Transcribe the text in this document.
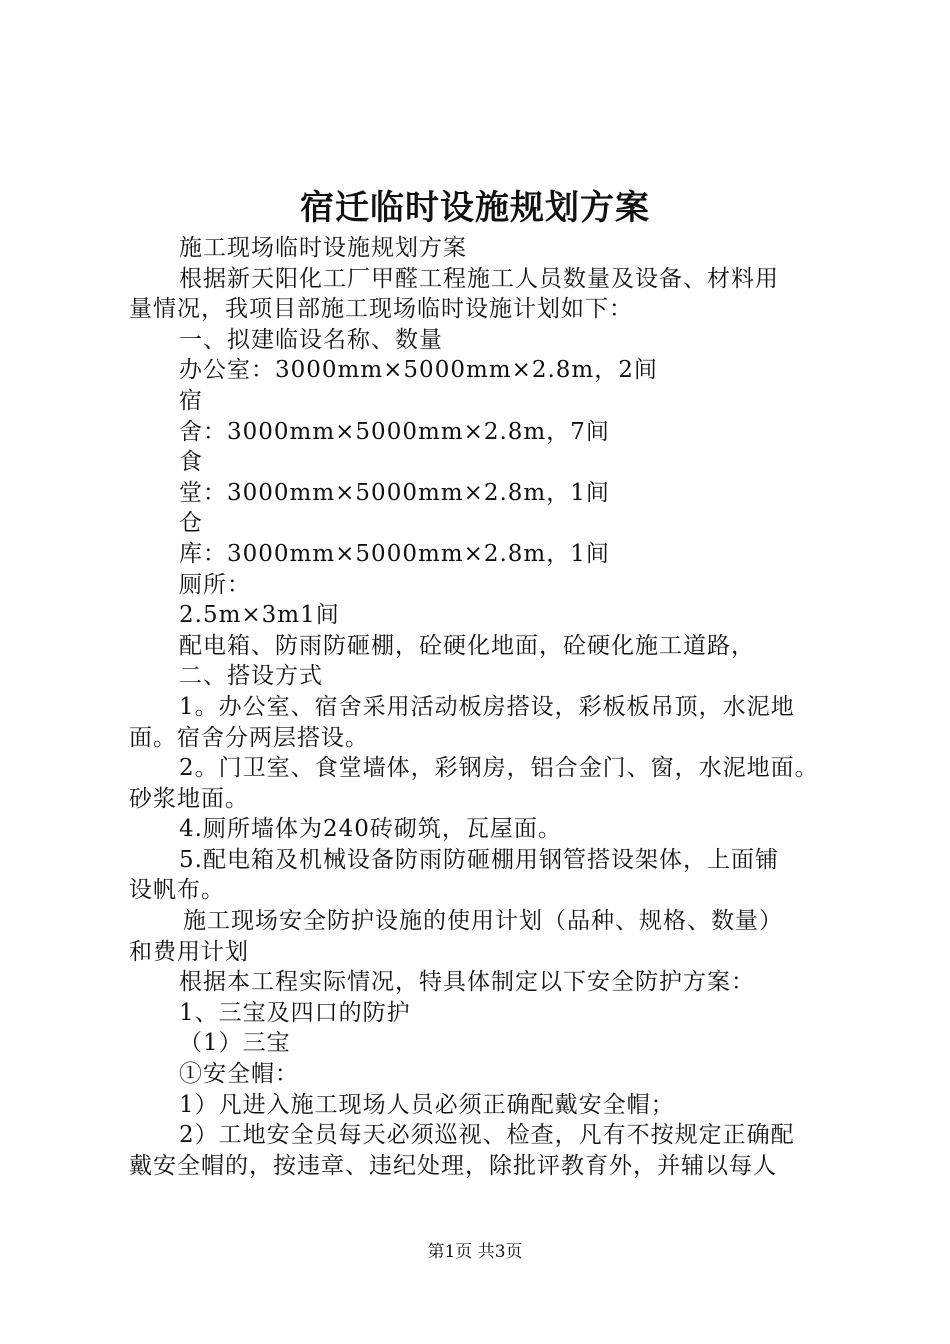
宿迁临时设施规划方案
施工现场临时设施规划方案
根据新天阳化工厂甲醛工程施工人员数量及设备、材料用
量情况，我项目部施工现场临时设施计划如下：
一、拟建临设名称、数量
办公室：3000mm×5000mm×2.8m，2间
宿
舍：3000mm×5000mm×2.8m，7间
食
堂：3000mm×5000mm×2.8m，1间
仓
库：3000mm×5000mm×2.8m，1间
厕所：
2.5m×3m1间
配电箱、防雨防砸棚，砼硬化地面，砼硬化施工道路，
二、搭设方式
1。办公室、宿舍采用活动板房搭设，彩板板吊顶，水泥地
面。宿舍分两层搭设。
2。门卫室、食堂墙体，彩钢房，铝合金门、窗，水泥地面。
砂浆地面。
4.厕所墙体为240砖砌筑，瓦屋面。
5.配电箱及机械设备防雨防砸棚用钢管搭设架体，上面铺
设帆布。
施工现场安全防护设施的使用计划（品种、规格、数量）
和费用计划
根据本工程实际情况，特具体制定以下安全防护方案：
1、三宝及四口的防护
（1）三宝
①安全帽：
1）凡进入施工现场人员必须正确配戴安全帽；
2）工地安全员每天必须巡视、检查，凡有不按规定正确配
戴安全帽的，按违章、违纪处理，除批评教育外，并辅以每人
第1页 共3页
